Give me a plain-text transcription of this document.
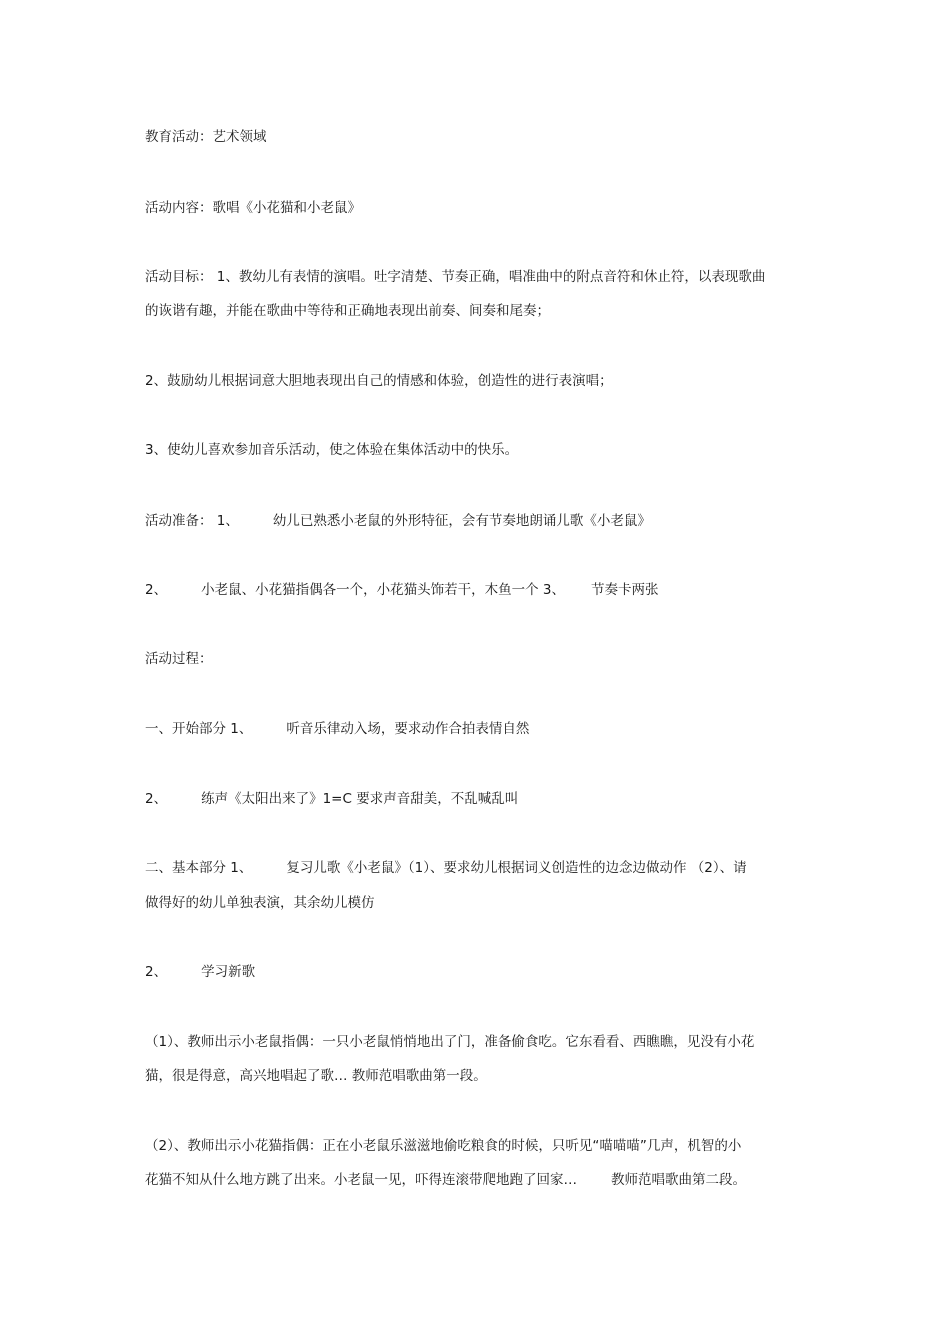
教育活动：艺术领域
活动内容：歌唱《小花猫和小老鼠》
活动目标： 1、教幼儿有表情的演唱。吐字清楚、节奏正确，唱准曲中的附点音符和休止符，以表现歌曲
的诙谐有趣，并能在歌曲中等待和正确地表现出前奏、间奏和尾奏；
2、鼓励幼儿根据词意大胆地表现出自己的情感和体验，创造性的进行表演唱；
3、使幼儿喜欢参加音乐活动，使之体验在集体活动中的快乐。
活动准备： 1、	幼儿已熟悉小老鼠的外形特征，会有节奏地朗诵儿歌《小老鼠》
2、	小老鼠、小花猫指偶各一个，小花猫头饰若干，木鱼一个 3、 节奏卡两张
活动过程：
一、开始部分 1、	听音乐律动入场，要求动作合拍表情自然
2、	练声《太阳出来了》1=C 要求声音甜美，不乱喊乱叫
二、基本部分 1、	复习儿歌《小老鼠》（1）、要求幼儿根据词义创造性的边念边做动作 （2）、请
做得好的幼儿单独表演，其余幼儿模仿
2、	学习新歌
（1）、教师出示小老鼠指偶：一只小老鼠悄悄地出了门，准备偷食吃。它东看看、西瞧瞧，见没有小花
猫，很是得意，高兴地唱起了歌… 教师范唱歌曲第一段。
（2）、教师出示小花猫指偶：正在小老鼠乐滋滋地偷吃粮食的时候，只听见“喵喵喵”几声，机智的小
花猫不知从什么地方跳了出来。小老鼠一见，吓得连滚带爬地跑了回家…	教师范唱歌曲第二段。
